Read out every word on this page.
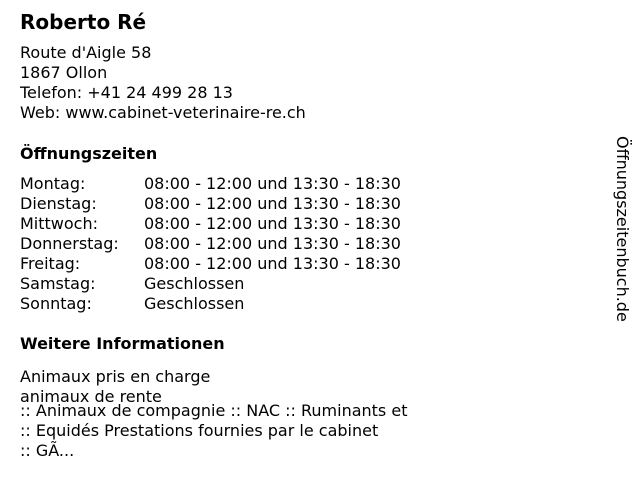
Roberto Ré
Route d'Aigle 58
1867 Ollon
Telefon: +41 24 499 28 13
Web: www.cabinet-veterinaire-re.ch
Öffnungszeiten
Montag:	08:00 - 12:00 und 13:30 - 18:30
Dienstag:	08:00 - 12:00 und 13:30 - 18:30
Mittwoch:	08:00 - 12:00 und 13:30 - 18:30
Donnerstag:	08:00 - 12:00 und 13:30 - 18:30
Freitag:	08:00 - 12:00 und 13:30 - 18:30
Samstag:	Geschlossen
Sonntag:	Geschlossen
Weitere Informationen
Animaux pris en charge
animaux de rente
:: Animaux de compagnie :: NAC :: Ruminants et
:: Equidés Prestations fournies par le cabinet
:: GÃ...
Öffnungszeitenbuch.de
